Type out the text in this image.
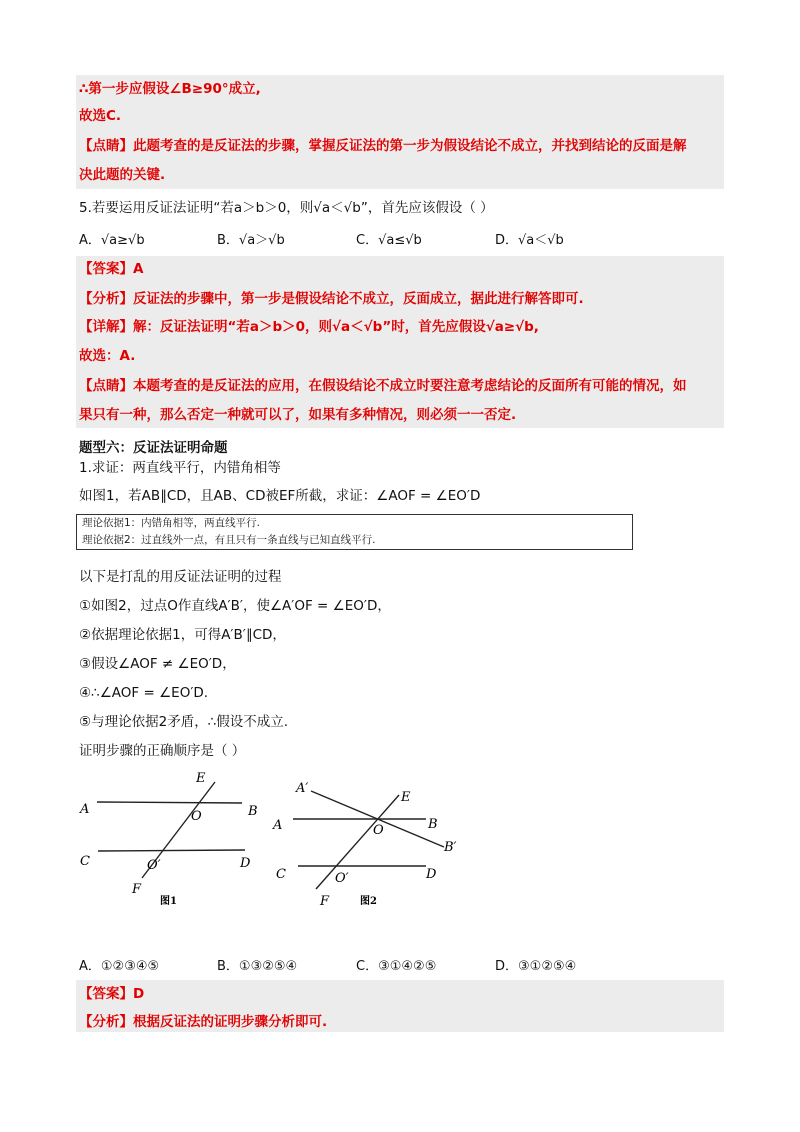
∴第一步应假设∠B≥90°成立,
故选C.
【点睛】此题考查的是反证法的步骤，掌握反证法的第一步为假设结论不成立，并找到结论的反面是解
决此题的关键.
5.若要运用反证法证明“若a＞b＞0，则√a＜√b”，首先应该假设（ ）
A．√a≥√b	B．√a＞√b	C．√a≤√b	D．√a＜√b
【答案】A
【分析】反证法的步骤中，第一步是假设结论不成立，反面成立，据此进行解答即可.
【详解】解：反证法证明“若a＞b＞0，则√a＜√b”时，首先应假设√a≥√b,
故选：A.
【点睛】本题考查的是反证法的应用，在假设结论不成立时要注意考虑结论的反面所有可能的情况，如
果只有一种，那么否定一种就可以了，如果有多种情况，则必须一一否定.
题型六：反证法证明命题
1.求证：两直线平行，内错角相等
如图1，若AB∥CD，且AB、CD被EF所截，求证：∠AOF = ∠EO′D
理论依据1：内错角相等，两直线平行.
理论依据2：过直线外一点，有且只有一条直线与已知直线平行.
以下是打乱的用反证法证明的过程
①如图2，过点O作直线A′B′，使∠A′OF = ∠EO′D，
②依据理论依据1，可得A′B′∥CD，
③假设∠AOF ≠ ∠EO′D，
④∴∠AOF = ∠EO′D.
⑤与理论依据2矛盾，∴假设不成立.
证明步骤的正确顺序是（ ）
E
A	B
O
C	O′	D
F
图1
A′
E
A	O	B
B′
C	O′	D
F	图2
A．①②③④⑤	B．①③②⑤④	C．③①④②⑤	D．③①②⑤④
【答案】D
【分析】根据反证法的证明步骤分析即可.
